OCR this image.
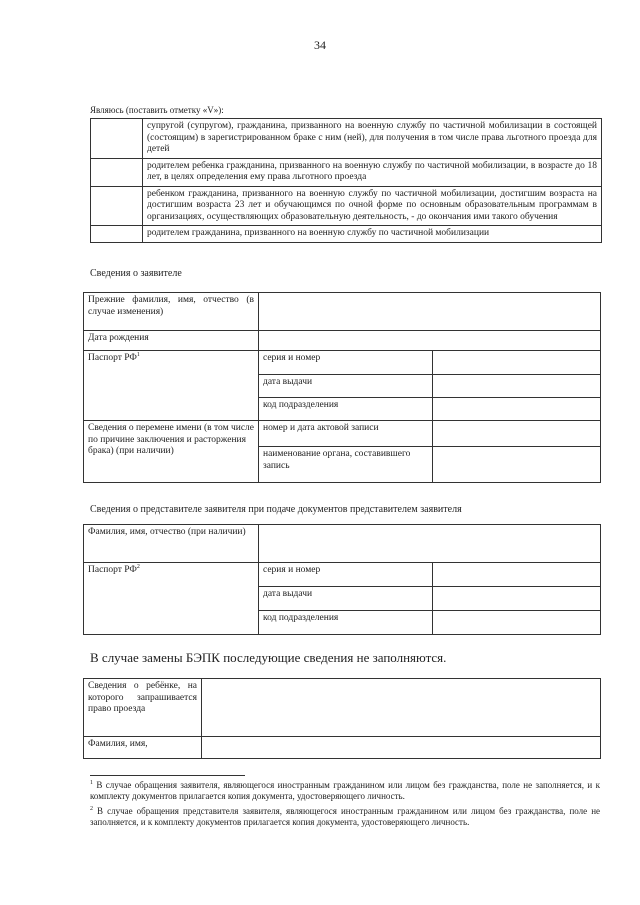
34
Являюсь (поставить отметку «V»):
	супругой (супругом), гражданина, призванного на военную службу по частичной мобилизации в состоящей (состоящим) в зарегистрированном браке с ним (ней), для получения в том числе права льготного проезда для детей
	родителем ребенка гражданина, призванного на военную службу по частичной мобилизации, в возрасте до 18 лет, в целях определения ему права льготного проезда
	ребенком гражданина, призванного на военную службу по частичной мобилизации, достигшим возраста на достигшим возраста 23 лет и обучающимся по очной форме по основным образовательным программам в организациях, осуществляющих образовательную деятельность, - до окончания ими такого обучения
	родителем гражданина, призванного на военную службу по частичной мобилизации
Сведения о заявителе
Прежние фамилия, имя, отчество (в случае изменения)		
Дата рождения		
Паспорт $РФ^1$	серия и номер	
	дата выдачи	
	код подразделения	
Сведения о перемене имени (в том числе по причине заключения и расторжения брака) (при наличии)	номер и дата актовой записи	
	наименование органа, составившего запись	
Сведения о представителе заявителя при подаче документов представителем заявителя
Фамилия, имя, отчество (при наличии)		
Паспорт $РФ^2$	серия и номер	
	дата выдачи	
	код подразделения	
В случае замены БЭПК последующие сведения не заполняются.
Сведения о ребёнке, на которого запрашивается право проезда	
Фамилия, имя,	
$^1$ В случае обращения заявителя, являющегося иностранным гражданином или лицом без гражданства, поле не заполняется, и к комплекту документов прилагается копия документа, удостоверяющего личность.
$^2$ В случае обращения представителя заявителя, являющегося иностранным гражданином или лицом без гражданства, поле не заполняется, и к комплекту документов прилагается копия документа, удостоверяющего личность.
